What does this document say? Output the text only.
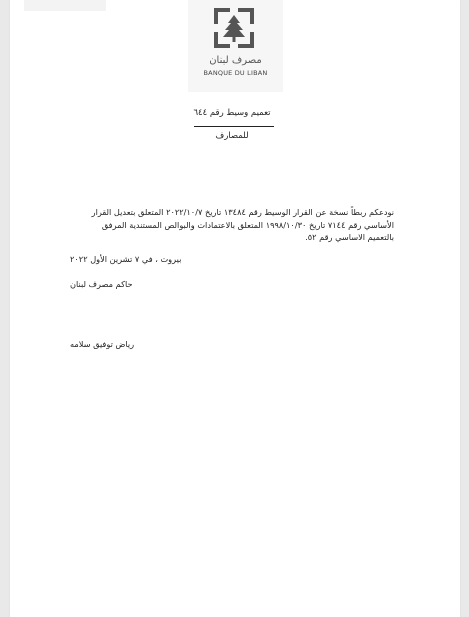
مصرف لبنان
BANQUE DU LIBAN
تعميم وسيط رقم ٦٤٤
للمصارف
نودعكم ربطاً نسخة عن القرار الوسيط رقم ١٣٤٨٤ تاريخ ٢٠٢٢/١٠/٧ المتعلق بتعديل القرار الأساسي رقم ٧١٤٤ تاريخ ١٩٩٨/١٠/٣٠ المتعلق بالاعتمادات والبوالص المستندية المرفق بالتعميم الاساسي رقم ٥٢.
بيروت ، في ٧ تشرين الأول ٢٠٢٢
حاكم مصرف لبنان
رياض توفيق سلامه
